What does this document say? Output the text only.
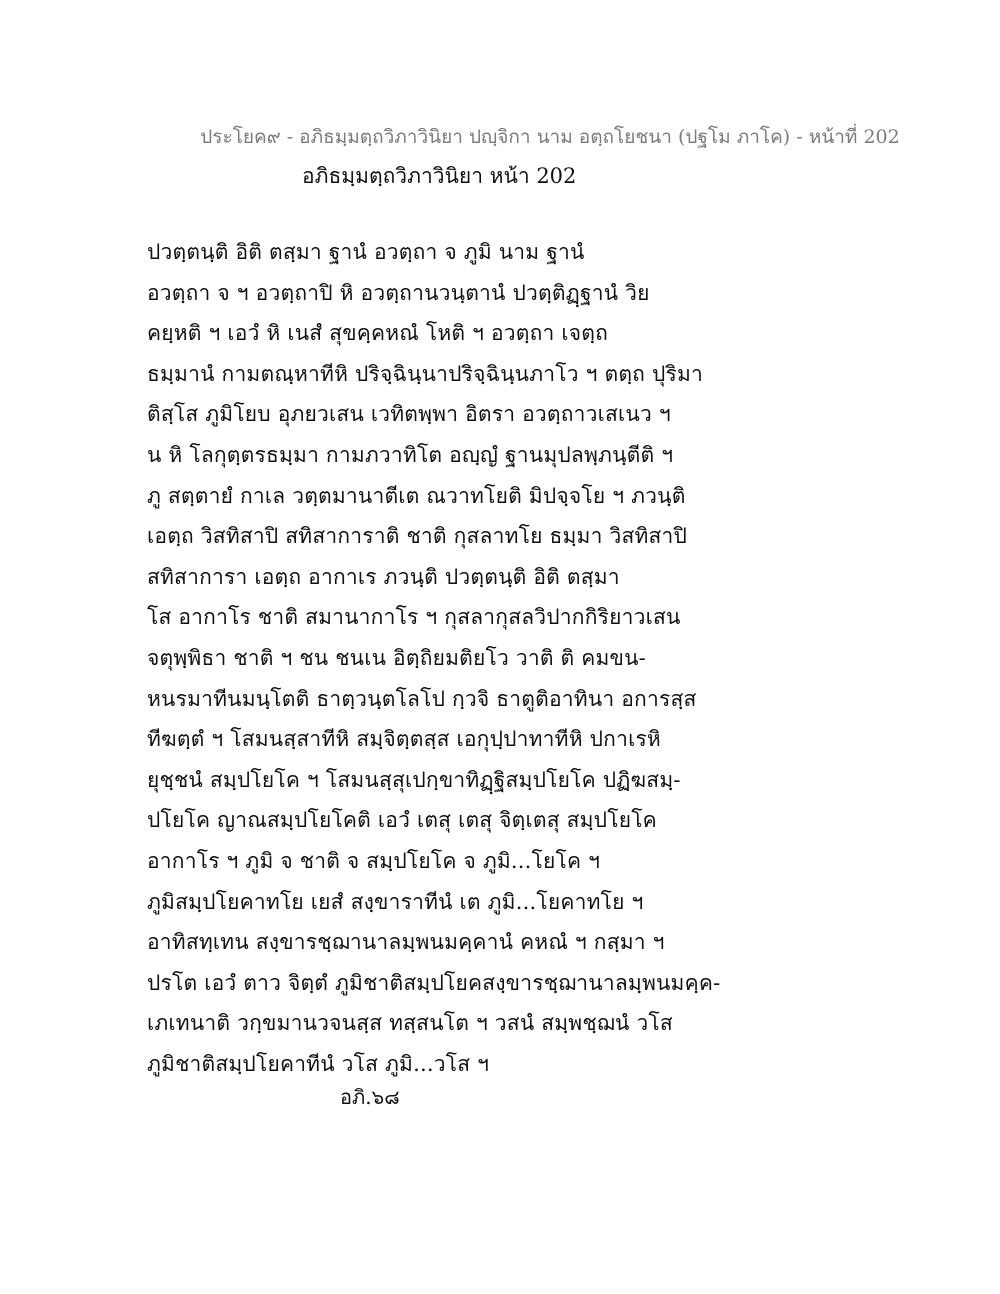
ประโยค๙ - อภิธมฺมตฺถวิภาวินิยา ปญฺจิกา นาม อตฺถโยชนา (ปฐโม ภาโค) - หน้าที่ 202
อภิธมฺมตฺถวิภาวินิยา หน้า 202
ปวตฺตนฺติ อิติ ตสฺมา ฐานํ อวตฺถา จ ภูมิ นาม ฐานํ
อวตฺถา จ ฯ อวตฺถาปิ หิ อวตฺถานวนฺตานํ ปวตฺติฏฺฐานํ วิย
คยฺหติ ฯ เอวํ หิ เนสํ สุขคฺคหณํ โหติ ฯ อวตฺถา เจตฺถ
ธมฺมานํ กามตณฺหาทีหิ ปริจฺฉินฺนาปริจฺฉินฺนภาโว ฯ ตตฺถ ปุริมา
ติสฺโส ภูมิโยบ อุภยวเสน เวทิตพฺพา อิตรา อวตฺถาวเสเนว ฯ
น หิ โลกุตฺตรธมฺมา กามภวาทิโต อญฺญํ ฐานมุปลพฺภนฺตีติ ฯ
ภู สตฺตายํ กาเล วตฺตมานาตีเต ณวาทโยติ มิปจฺจโย ฯ ภวนฺติ
เอตฺถ วิสทิสาปิ สทิสาการาติ ชาติ กุสลาทโย ธมฺมา วิสทิสาปิ
สทิสาการา เอตฺถ อากาเร ภวนฺติ ปวตฺตนฺติ อิติ ตสฺมา
โส อากาโร ชาติ สมานากาโร ฯ กุสลากุสลวิปากกิริยาวเสน
จตุพฺพิธา ชาติ ฯ ชน ชนเน อิตฺถิยมติยโว วาติ ติ คมขน-
หนรมาทีนมนฺโตติ ธาตฺวนฺตโลโป กฺวจิ ธาตูติอาทินา อการสฺส
ทีฆตฺตํ ฯ โสมนสฺสาทีหิ สมฺจิตฺตสฺส เอกุปฺปาทาทีหิ ปกาเรหิ
ยุชฺชนํ สมฺปโยโค ฯ โสมนสฺสุเปกฺขาทิฏฺฐิสมฺปโยโค ปฏิฆสมฺ-
ปโยโค ญาณสมฺปโยโคติ เอวํ เตสุ เตสุ จิตฺเตสุ สมฺปโยโค
อากาโร ฯ ภูมิ จ ชาติ จ สมฺปโยโค จ ภูมิ...โยโค ฯ
ภูมิสมฺปโยคาทโย เยสํ สงฺขาราทีนํ เต ภูมิ...โยคาทโย ฯ
อาทิสทฺเทน สงฺขารชฺฌานาลมฺพนมคฺคานํ คหณํ ฯ กสฺมา ฯ
ปรโต เอวํ ตาว จิตฺตํ ภูมิชาติสมฺปโยคสงฺขารชฺฌานาลมฺพนมคฺค-
เภเทนาติ วกฺขมานวจนสฺส ทสฺสนโต ฯ วสนํ สมฺพชฺฌนํ วโส
ภูมิชาติสมฺปโยคาทีนํ วโส ภูมิ...วโส ฯ
อภิ.๖๘
